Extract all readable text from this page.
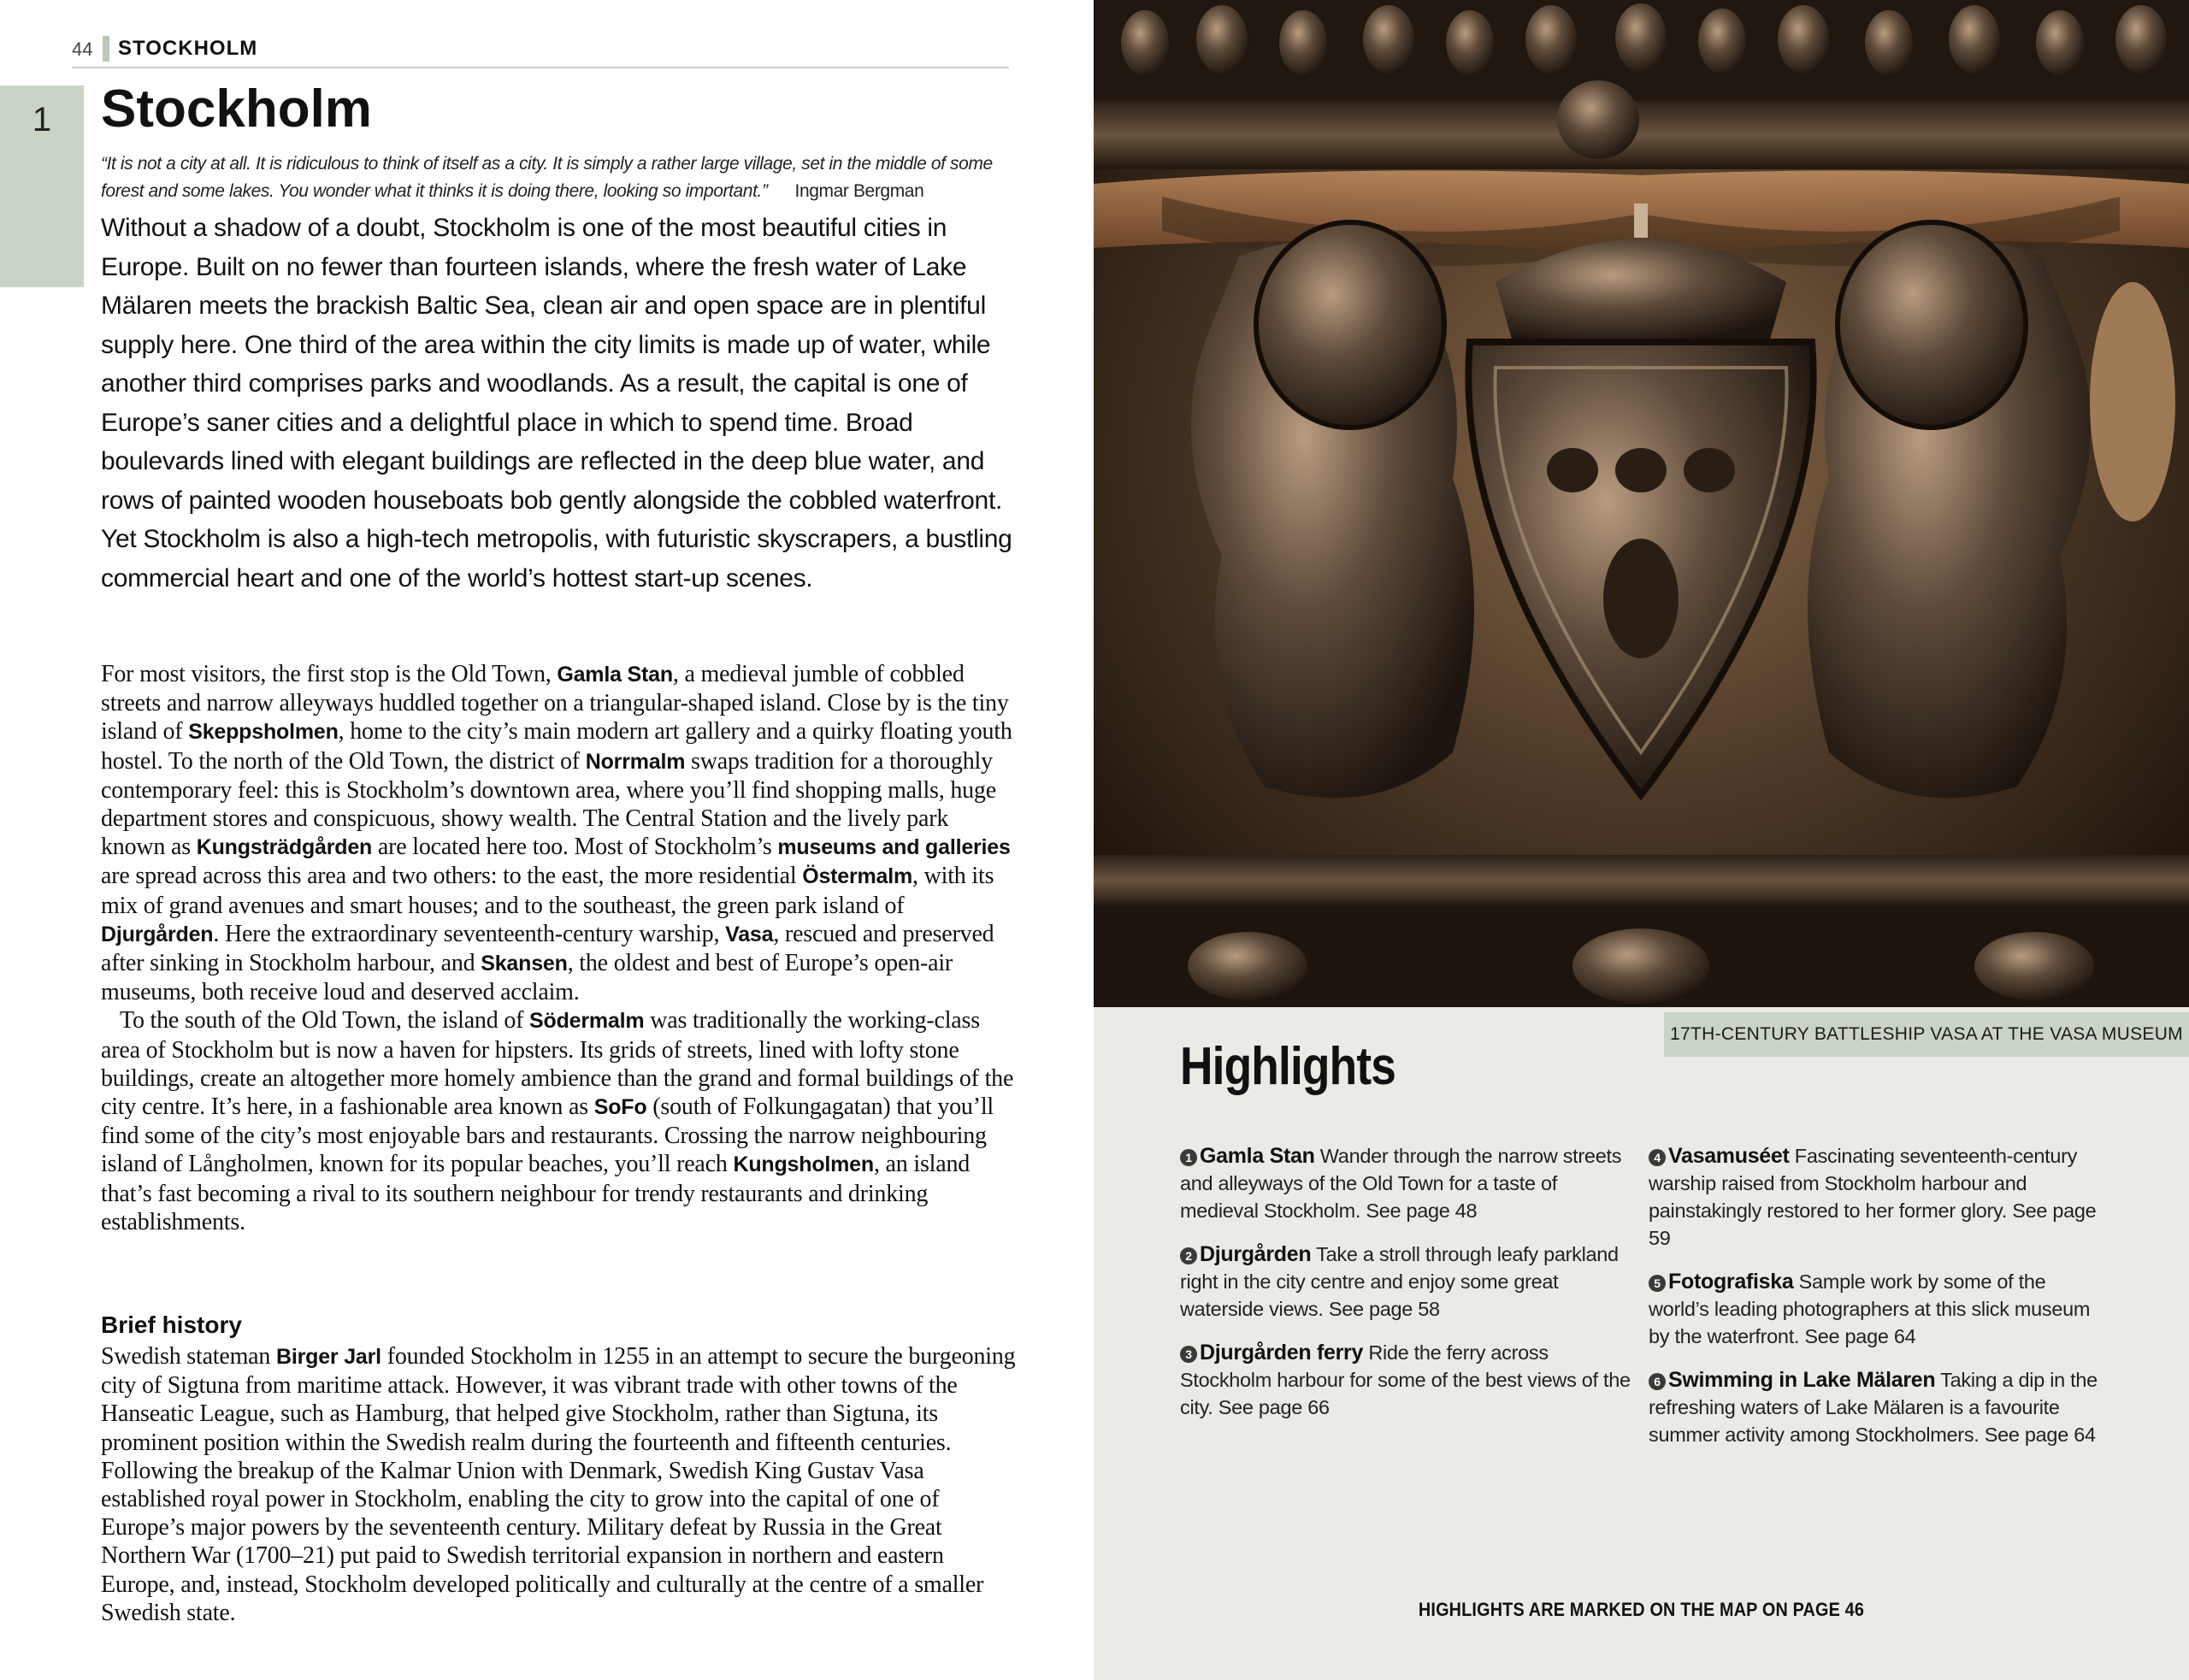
44 STOCKHOLM
1 Stockholm

“It is not a city at all. It is ridiculous to think of itself as a city. It is simply a rather large village, set in the middle of some forest and some lakes. You wonder what it thinks it is doing there, looking so important.” Ingmar Bergman

Without a shadow of a doubt, Stockholm is one of the most beautiful cities in Europe. Built on no fewer than fourteen islands, where the fresh water of Lake Mälaren meets the brackish Baltic Sea, clean air and open space are in plentiful supply here. One third of the area within the city limits is made up of water, while another third comprises parks and woodlands. As a result, the capital is one of Europe’s saner cities and a delightful place in which to spend time. Broad boulevards lined with elegant buildings are reflected in the deep blue water, and rows of painted wooden houseboats bob gently alongside the cobbled waterfront. Yet Stockholm is also a high-tech metropolis, with futuristic skyscrapers, a bustling commercial heart and one of the world’s hottest start-up scenes.

For most visitors, the first stop is the Old Town, Gamla Stan, a medieval jumble of cobbled streets and narrow alleyways huddled together on a triangular-shaped island. Close by is the tiny island of Skeppsholmen, home to the city’s main modern art gallery and a quirky floating youth hostel. To the north of the Old Town, the district of Norrmalm swaps tradition for a thoroughly contemporary feel: this is Stockholm’s downtown area, where you’ll find shopping malls, huge department stores and conspicuous, showy wealth. The Central Station and the lively park known as Kungsträdgården are located here too. Most of Stockholm’s museums and galleries are spread across this area and two others: to the east, the more residential Östermalm, with its mix of grand avenues and smart houses; and to the southeast, the green park island of Djurgården. Here the extraordinary seventeenth-century warship, Vasa, rescued and preserved after sinking in Stockholm harbour, and Skansen, the oldest and best of Europe’s open-air museums, both receive loud and deserved acclaim.

To the south of the Old Town, the island of Södermalm was traditionally the working-class area of Stockholm but is now a haven for hipsters. Its grids of streets, lined with lofty stone buildings, create an altogether more homely ambience than the grand and formal buildings of the city centre. It’s here, in a fashionable area known as SoFo (south of Folkungagatan) that you’ll find some of the city’s most enjoyable bars and restaurants. Crossing the narrow neighbouring island of Långholmen, known for its popular beaches, you’ll reach Kungsholmen, an island that’s fast becoming a rival to its southern neighbour for trendy restaurants and drinking establishments.

Brief history

Swedish stateman Birger Jarl founded Stockholm in 1255 in an attempt to secure the burgeoning city of Sigtuna from maritime attack. However, it was vibrant trade with other towns of the Hanseatic League, such as Hamburg, that helped give Stockholm, rather than Sigtuna, its prominent position within the Swedish realm during the fourteenth and fifteenth centuries. Following the breakup of the Kalmar Union with Denmark, Swedish King Gustav Vasa established royal power in Stockholm, enabling the city to grow into the capital of one of Europe’s major powers by the seventeenth century. Military defeat by Russia in the Great Northern War (1700–21) put paid to Swedish territorial expansion in northern and eastern Europe, and, instead, Stockholm developed politically and culturally at the centre of a smaller Swedish state.

17TH-CENTURY BATTLESHIP VASA AT THE VASA MUSEUM
Highlights
1 Gamla Stan Wander through the narrow streets and alleyways of the Old Town for a taste of medieval Stockholm. See page 48
2 Djurgården Take a stroll through leafy parkland right in the city centre and enjoy some great waterside views. See page 58
3 Djurgården ferry Ride the ferry across Stockholm harbour for some of the best views of the city. See page 66
4 Vasamuséet Fascinating seventeenth-century warship raised from Stockholm harbour and painstakingly restored to her former glory. See page 59
5 Fotografiska Sample work by some of the world’s leading photographers at this slick museum by the waterfront. See page 64
6 Swimming in Lake Mälaren Taking a dip in the refreshing waters of Lake Mälaren is a favourite summer activity among Stockholmers. See page 64
HIGHLIGHTS ARE MARKED ON THE MAP ON PAGE 46
